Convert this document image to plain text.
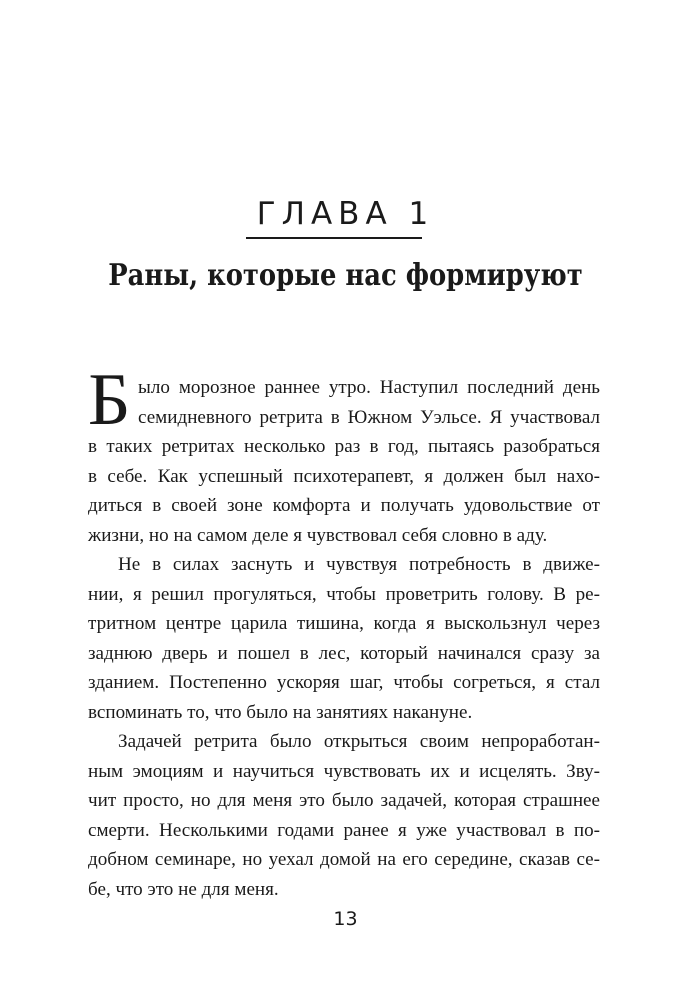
ГЛАВА 1
Раны, которые нас формируют
Б ыло морозное раннее утро. Наступил последний день
семидневного ретрита в Южном Уэльсе. Я участвовал
в таких ретритах несколько раз в год, пытаясь разобраться
в себе. Как успешный психотерапевт, я должен был нахо-
диться в своей зоне комфорта и получать удовольствие от
жизни, но на самом деле я чувствовал себя словно в аду.
Не в силах заснуть и чувствуя потребность в движе-
нии, я решил прогуляться, чтобы проветрить голову. В ре-
тритном центре царила тишина, когда я выскользнул через
заднюю дверь и пошел в лес, который начинался сразу за
зданием. Постепенно ускоряя шаг, чтобы согреться, я стал
вспоминать то, что было на занятиях накануне.
Задачей ретрита было открыться своим непроработан-
ным эмоциям и научиться чувствовать их и исцелять. Зву-
чит просто, но для меня это было задачей, которая страшнее
смерти. Несколькими годами ранее я уже участвовал в по-
добном семинаре, но уехал домой на его середине, сказав се-
бе, что это не для меня.
13
